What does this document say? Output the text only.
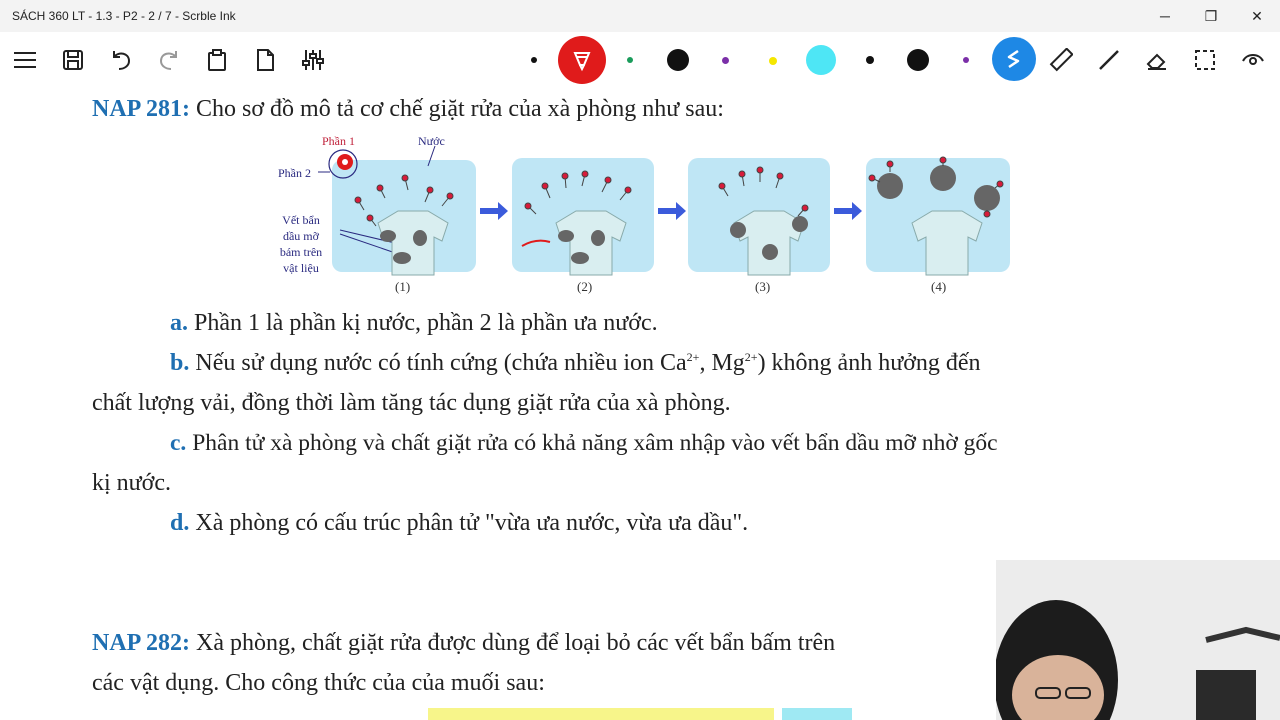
SÁCH 360 LT - 1.3 - P2 - 2 / 7 - Scrble Ink	─	❐	✕
NAP 281: Cho sơ đồ mô tả cơ chế giặt rửa của xà phòng như sau:
Phần 1
Phần 2
Nước
Vết bẩn
dầu mỡ
bám trên
vật liệu
(1)	(2)	(3)	(4)
a. Phần 1 là phần kị nước, phần 2 là phần ưa nước.
b. Nếu sử dụng nước có tính cứng (chứa nhiều ion $Ca^{2+}$, $Mg^{2+}$) không ảnh hưởng đến
chất lượng vải, đồng thời làm tăng tác dụng giặt rửa của xà phòng.
c. Phân tử xà phòng và chất giặt rửa có khả năng xâm nhập vào vết bẩn dầu mỡ nhờ gốc
kị nước.
d. Xà phòng có cấu trúc phân tử "vừa ưa nước, vừa ưa dầu".
NAP 282: Xà phòng, chất giặt rửa được dùng để loại bỏ các vết bẩn bấm trên
các vật dụng. Cho công thức của của muối sau:
